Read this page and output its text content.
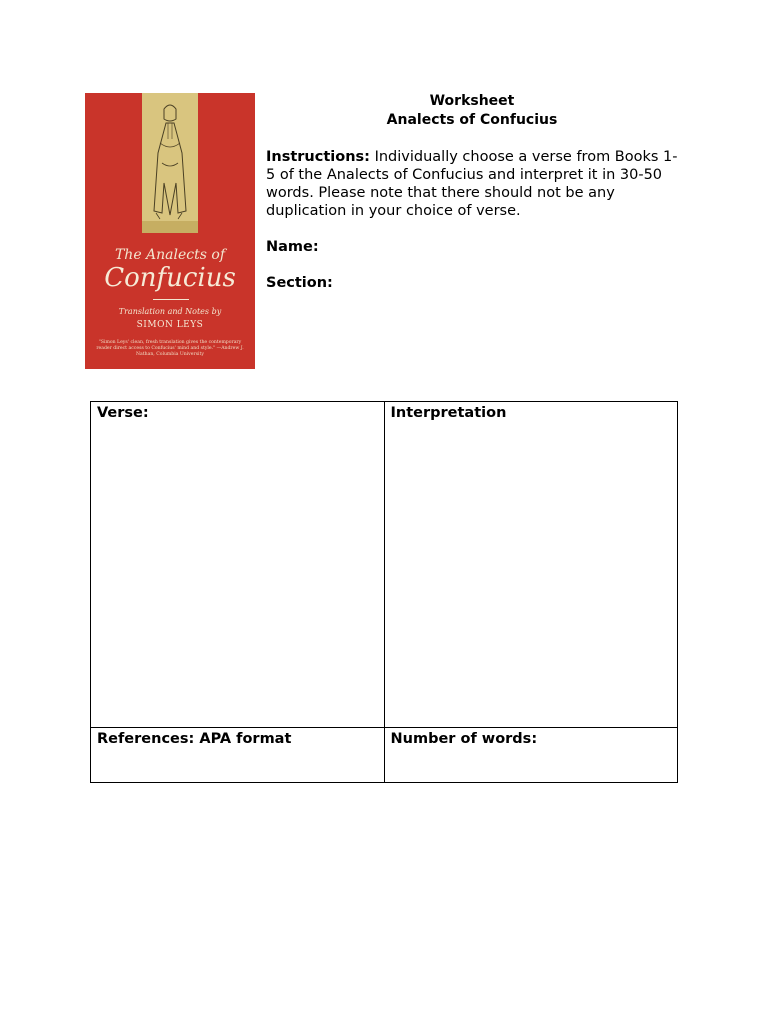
The Analects of
Confucius
Translation and Notes by
SIMON LEYS
"Simon Leys' clean, fresh translation gives the contemporary reader direct access to Confucius' mind and style." —Andrew J. Nathan, Columbia University
Worksheet
Analects of Confucius
Instructions: Individually choose a verse from Books 1-5 of the Analects of Confucius and interpret it in 30-50 words. Please note that there should not be any duplication in your choice of verse.
Name:
Section:
Verse:	Interpretation
References: APA format	Number of words:
